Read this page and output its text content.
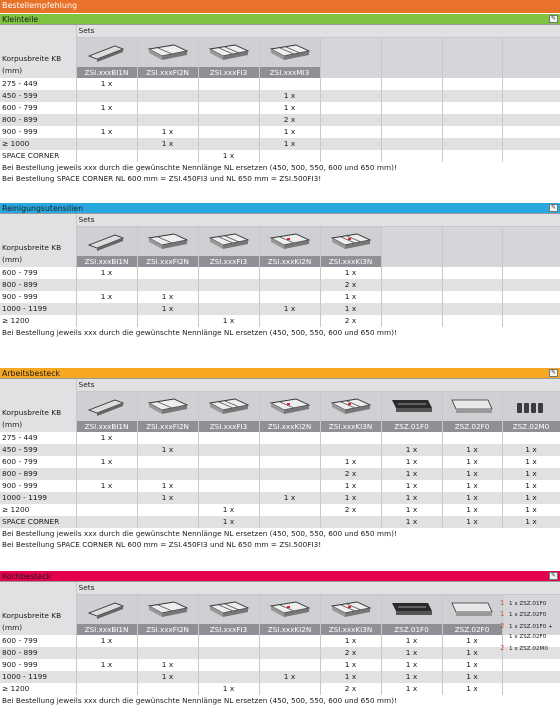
Bestellempfehlung
Kleinteile	✎
Korpusbreite KB
(mm)	Sets							

	ZSI.xxxBI1N	ZSI.xxxFI2N	ZSI.xxxFI3	ZSI.xxxMI3				

275 - 449	1 x							
450 - 599				1 x				
600 - 799	1 x			1 x				
800 - 899				2 x				
900 - 999	1 x	1 x		1 x				
≥ 1000		1 x		1 x				
SPACE CORNER			1 x					
Bei Bestellung jeweils xxx durch die gewünschte Nennlänge NL ersetzen (450, 500, 550, 600 und 650 mm)!
Bei Bestellung SPACE CORNER NL 600 mm = ZSI.450FI3 und NL 650 mm = ZSI.500FI3!
Reinigungsutensilien	✎
Korpusbreite KB
(mm)	Sets							

	ZSI.xxxBI1N	ZSI.xxxFI2N	ZSI.xxxFI3	ZSI.xxxKI2N	ZSI.xxxKI3N			

600 - 799	1 x				1 x			
800 - 899					2 x			
900 - 999	1 x	1 x			1 x			
1000 - 1199		1 x		1 x	1 x			
≥ 1200			1 x		2 x			
Bei Bestellung jeweils xxx durch die gewünschte Nennlänge NL ersetzen (450, 500, 550, 600 und 650 mm)!
Arbeitsbesteck	✎
Korpusbreite KB
(mm)	Sets							

	ZSI.xxxBI1N	ZSI.xxxFI2N	ZSI.xxxFI3	ZSI.xxxKI2N	ZSI.xxxKI3N	ZSZ.01F0	ZSZ.02F0	ZSZ.02M0

275 - 449	1 x							
450 - 599		1 x				1 x	1 x	1 x
600 - 799	1 x				1 x	1 x	1 x	1 x
800 - 899					2 x	1 x	1 x	1 x
900 - 999	1 x	1 x			1 x	1 x	1 x	1 x
1000 - 1199		1 x		1 x	1 x	1 x	1 x	1 x
≥ 1200			1 x		2 x	1 x	1 x	1 x
SPACE CORNER			1 x			1 x	1 x	1 x
Bei Bestellung jeweils xxx durch die gewünschte Nennlänge NL ersetzen (450, 500, 550, 600 und 650 mm)!
Bei Bestellung SPACE CORNER NL 600 mm = ZSI.450FI3 und NL 650 mm = ZSI.500FI3!
Kochbesteck	✎
Korpusbreite KB
(mm)	Sets							

	ZSI.xxxBI1N	ZSI.xxxFI2N	ZSI.xxxFI3	ZSI.xxxKI2N	ZSI.xxxKI3N	ZSZ.01F0	ZSZ.02F0	

600 - 799	1 x				1 x	1 x	1 x	
800 - 899					2 x	1 x	1 x	
900 - 999	1 x	1 x			1 x	1 x	1 x	
1000 - 1199		1 x		1 x	1 x	1 x	1 x	
≥ 1200			1 x		2 x	1 x	1 x	
Bei Bestellung jeweils xxx durch die gewünschte Nennlänge NL ersetzen (450, 500, 550, 600 und 650 mm)!
1 1 x ZSZ.01F0
1 1 x ZSZ.02F0
2 1 x ZSZ.01F0 +
1 x ZSZ.02F0
2 1 x ZSZ.02M0
